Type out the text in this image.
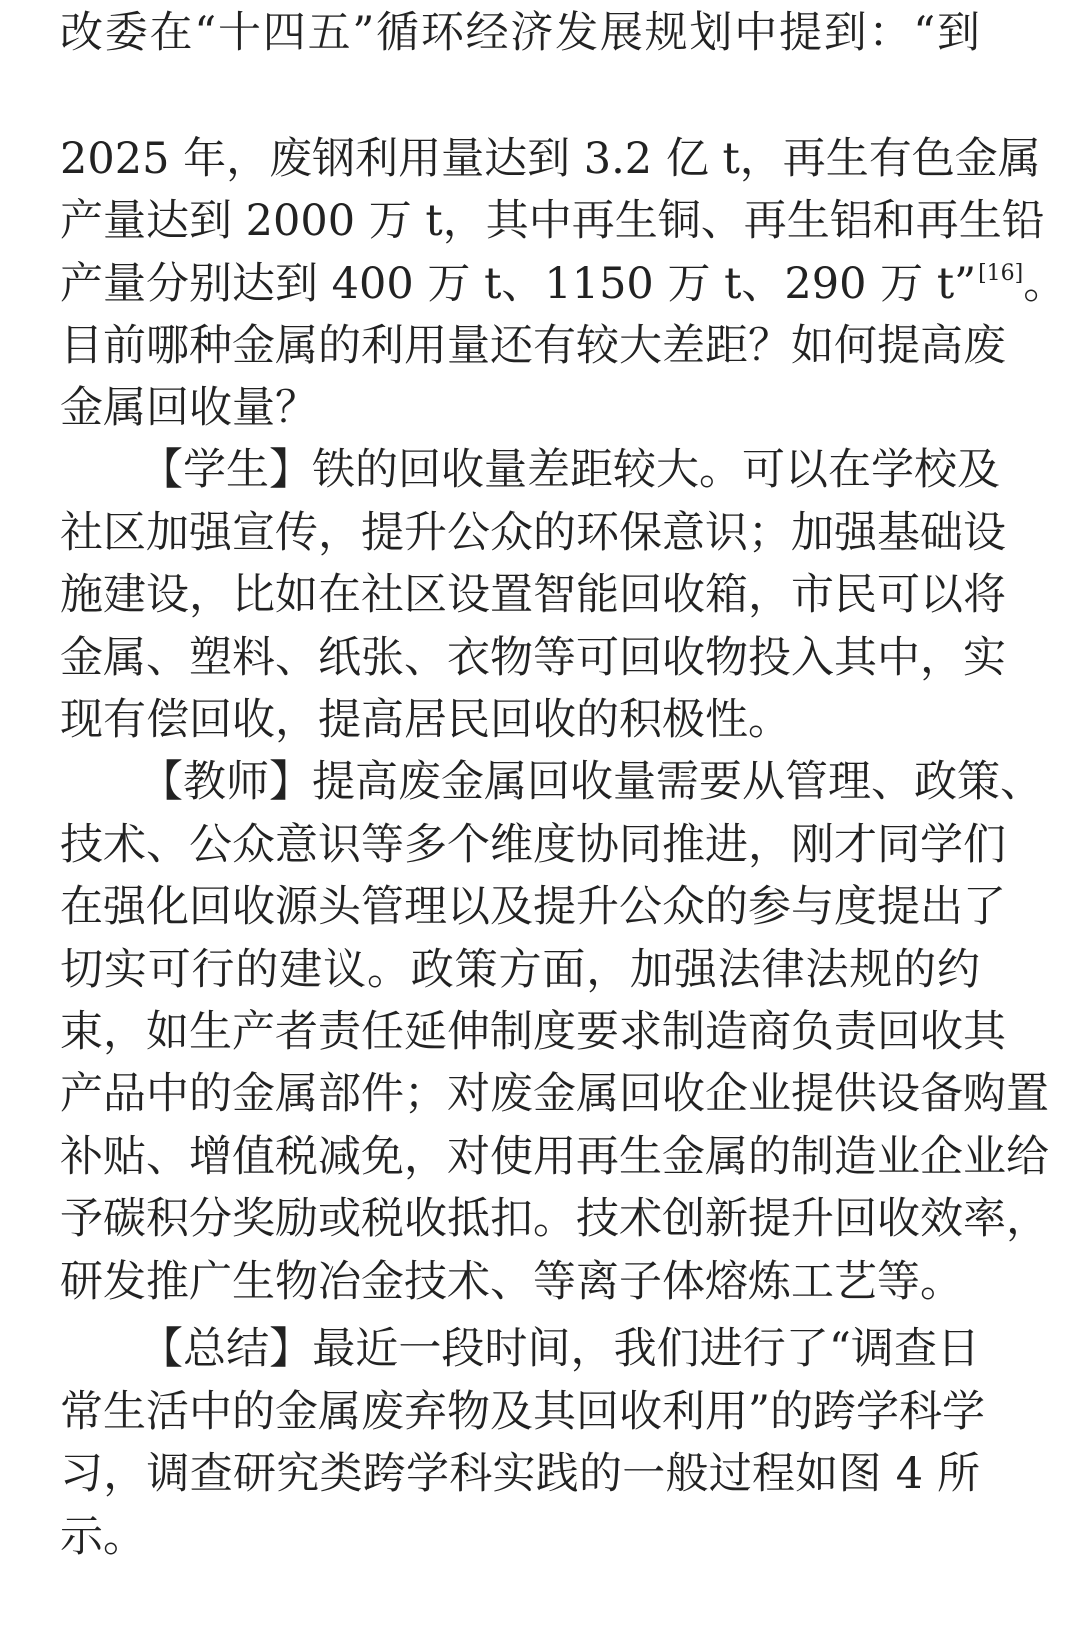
改委在“十四五”循环经济发展规划中提到：“到
2025 年，废钢利用量达到 3.2 亿 t，再生有色金属
产量达到 2000 万 t，其中再生铜、再生铝和再生铅
产量分别达到 400 万 t、1150 万 t、290 万 t”[16]。
目前哪种金属的利用量还有较大差距？如何提高废
金属回收量？
【学生】铁的回收量差距较大。可以在学校及
社区加强宣传，提升公众的环保意识；加强基础设
施建设，比如在社区设置智能回收箱，市民可以将
金属、塑料、纸张、衣物等可回收物投入其中，实
现有偿回收，提高居民回收的积极性。
【教师】提高废金属回收量需要从管理、政策、
技术、公众意识等多个维度协同推进，刚才同学们
在强化回收源头管理以及提升公众的参与度提出了
切实可行的建议。政策方面，加强法律法规的约
束，如生产者责任延伸制度要求制造商负责回收其
产品中的金属部件；对废金属回收企业提供设备购置
补贴、增值税减免，对使用再生金属的制造业企业给
予碳积分奖励或税收抵扣。技术创新提升回收效率，
研发推广生物冶金技术、等离子体熔炼工艺等。
【总结】最近一段时间，我们进行了“调查日
常生活中的金属废弃物及其回收利用”的跨学科学
习，调查研究类跨学科实践的一般过程如图 4 所
示。
